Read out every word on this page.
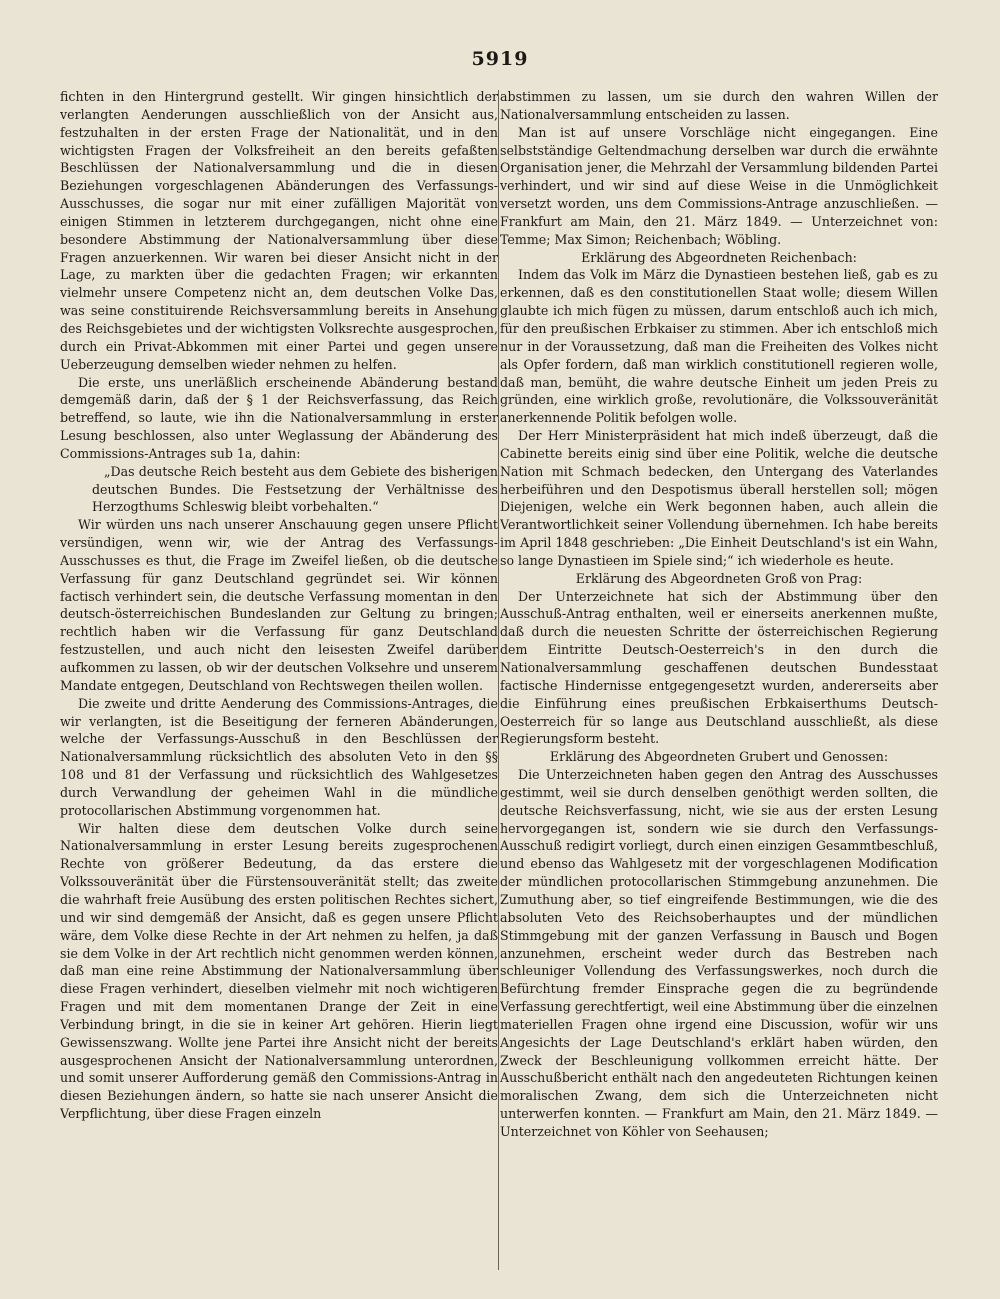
5919

fichten in den Hintergrund gestellt. Wir gingen hinsichtlich der verlangten Aenderungen ausschließlich von der Ansicht aus, festzuhalten in der ersten Frage der Nationalität, und in den wichtigsten Fragen der Volksfreiheit an den bereits gefaßten Beschlüssen der Nationalversammlung und die in diesen Beziehungen vorgeschlagenen Abänderungen des Verfassungs-Ausschusses, die sogar nur mit einer zufälligen Majorität von einigen Stimmen in letzterem durchgegangen, nicht ohne eine besondere Abstimmung der Nationalversammlung über diese Fragen anzuerkennen. Wir waren bei dieser Ansicht nicht in der Lage, zu markten über die gedachten Fragen; wir erkannten vielmehr unsere Competenz nicht an, dem deutschen Volke Das, was seine constituirende Reichsversammlung bereits in Ansehung des Reichsgebietes und der wichtigsten Volksrechte ausgesprochen, durch ein Privat-Abkommen mit einer Partei und gegen unsere Ueberzeugung demselben wieder nehmen zu helfen.

Die erste, uns unerläßlich erscheinende Abänderung bestand demgemäß darin, daß der § 1 der Reichsverfassung, das Reich betreffend, so laute, wie ihn die Nationalversammlung in erster Lesung beschlossen, also unter Weglassung der Abänderung des Commissions-Antrages sub 1a, dahin:

„Das deutsche Reich besteht aus dem Gebiete des bisherigen deutschen Bundes. Die Festsetzung der Verhältnisse des Herzogthums Schleswig bleibt vorbehalten.“

Wir würden uns nach unserer Anschauung gegen unsere Pflicht versündigen, wenn wir, wie der Antrag des Verfassungs-Ausschusses es thut, die Frage im Zweifel ließen, ob die deutsche Verfassung für ganz Deutschland gegründet sei. Wir können factisch verhindert sein, die deutsche Verfassung momentan in den deutsch-österreichischen Bundeslanden zur Geltung zu bringen; rechtlich haben wir die Verfassung für ganz Deutschland festzustellen, und auch nicht den leisesten Zweifel darüber aufkommen zu lassen, ob wir der deutschen Volksehre und unserem Mandate entgegen, Deutschland von Rechtswegen theilen wollen.

Die zweite und dritte Aenderung des Commissions-Antrages, die wir verlangten, ist die Beseitigung der ferneren Abänderungen, welche der Verfassungs-Ausschuß in den Beschlüssen der Nationalversammlung rücksichtlich des absoluten Veto in den §§ 108 und 81 der Verfassung und rücksichtlich des Wahlgesetzes durch Verwandlung der geheimen Wahl in die mündliche protocollarischen Abstimmung vorgenommen hat.

Wir halten diese dem deutschen Volke durch seine Nationalversammlung in erster Lesung bereits zugesprochenen Rechte von größerer Bedeutung, da das erstere die Volkssouveränität über die Fürstensouveränität stellt; das zweite die wahrhaft freie Ausübung des ersten politischen Rechtes sichert, und wir sind demgemäß der Ansicht, daß es gegen unsere Pflicht wäre, dem Volke diese Rechte in der Art nehmen zu helfen, ja daß sie dem Volke in der Art rechtlich nicht genommen werden können, daß man eine reine Abstimmung der Nationalversammlung über diese Fragen verhindert, dieselben vielmehr mit noch wichtigeren Fragen und mit dem momentanen Drange der Zeit in eine Verbindung bringt, in die sie in keiner Art gehören. Hierin liegt Gewissenszwang. Wollte jene Partei ihre Ansicht nicht der bereits ausgesprochenen Ansicht der Nationalversammlung unterordnen, und somit unserer Aufforderung gemäß den Commissions-Antrag in diesen Beziehungen ändern, so hatte sie nach unserer Ansicht die Verpflichtung, über diese Fragen einzeln

abstimmen zu lassen, um sie durch den wahren Willen der Nationalversammlung entscheiden zu lassen.

Man ist auf unsere Vorschläge nicht eingegangen. Eine selbstständige Geltendmachung derselben war durch die erwähnte Organisation jener, die Mehrzahl der Versammlung bildenden Partei verhindert, und wir sind auf diese Weise in die Unmöglichkeit versetzt worden, uns dem Commissions-Antrage anzuschließen. — Frankfurt am Main, den 21. März 1849. — Unterzeichnet von: Temme; Max Simon; Reichenbach; Wöbling.

Erklärung des Abgeordneten Reichenbach:

Indem das Volk im März die Dynastieen bestehen ließ, gab es zu erkennen, daß es den constitutionellen Staat wolle; diesem Willen glaubte ich mich fügen zu müssen, darum entschloß auch ich mich, für den preußischen Erbkaiser zu stimmen. Aber ich entschloß mich nur in der Voraussetzung, daß man die Freiheiten des Volkes nicht als Opfer fordern, daß man wirklich constitutionell regieren wolle, daß man, bemüht, die wahre deutsche Einheit um jeden Preis zu gründen, eine wirklich große, revolutionäre, die Volkssouveränität anerkennende Politik befolgen wolle.

Der Herr Ministerpräsident hat mich indeß überzeugt, daß die Cabinette bereits einig sind über eine Politik, welche die deutsche Nation mit Schmach bedecken, den Untergang des Vaterlandes herbeiführen und den Despotismus überall herstellen soll; mögen Diejenigen, welche ein Werk begonnen haben, auch allein die Verantwortlichkeit seiner Vollendung übernehmen. Ich habe bereits im April 1848 geschrieben: „Die Einheit Deutschland's ist ein Wahn, so lange Dynastieen im Spiele sind;“ ich wiederhole es heute.

Erklärung des Abgeordneten Groß von Prag:

Der Unterzeichnete hat sich der Abstimmung über den Ausschuß-Antrag enthalten, weil er einerseits anerkennen mußte, daß durch die neuesten Schritte der österreichischen Regierung dem Eintritte Deutsch-Oesterreich's in den durch die Nationalversammlung geschaffenen deutschen Bundesstaat factische Hindernisse entgegengesetzt wurden, andererseits aber die Einführung eines preußischen Erbkaiserthums Deutsch-Oesterreich für so lange aus Deutschland ausschließt, als diese Regierungsform besteht.

Erklärung des Abgeordneten Grubert und Genossen:

Die Unterzeichneten haben gegen den Antrag des Ausschusses gestimmt, weil sie durch denselben genöthigt werden sollten, die deutsche Reichsverfassung, nicht, wie sie aus der ersten Lesung hervorgegangen ist, sondern wie sie durch den Verfassungs-Ausschuß redigirt vorliegt, durch einen einzigen Gesammtbeschluß, und ebenso das Wahlgesetz mit der vorgeschlagenen Modification der mündlichen protocollarischen Stimmgebung anzunehmen. Die Zumuthung aber, so tief eingreifende Bestimmungen, wie die des absoluten Veto des Reichsoberhauptes und der mündlichen Stimmgebung mit der ganzen Verfassung in Bausch und Bogen anzunehmen, erscheint weder durch das Bestreben nach schleuniger Vollendung des Verfassungswerkes, noch durch die Befürchtung fremder Einsprache gegen die zu begründende Verfassung gerechtfertigt, weil eine Abstimmung über die einzelnen materiellen Fragen ohne irgend eine Discussion, wofür wir uns Angesichts der Lage Deutschland's erklärt haben würden, den Zweck der Beschleunigung vollkommen erreicht hätte. Der Ausschußbericht enthält nach den angedeuteten Richtungen keinen moralischen Zwang, dem sich die Unterzeichneten nicht unterwerfen konnten. — Frankfurt am Main, den 21. März 1849. — Unterzeichnet von Köhler von Seehausen;
